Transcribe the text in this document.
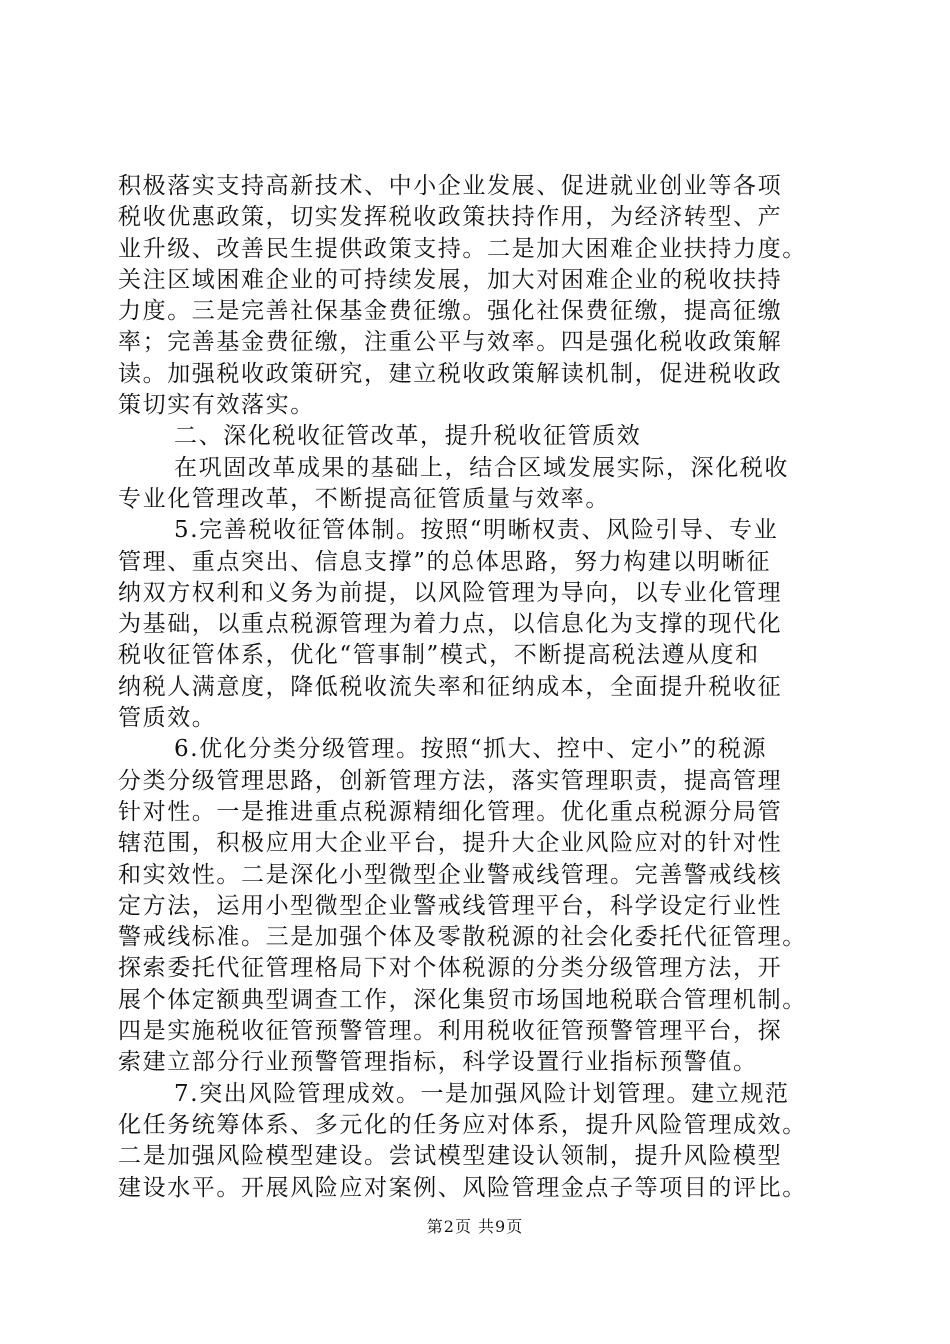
积极落实支持高新技术、中小企业发展、促进就业创业等各项
税收优惠政策，切实发挥税收政策扶持作用，为经济转型、产
业升级、改善民生提供政策支持。二是加大困难企业扶持力度。
关注区域困难企业的可持续发展，加大对困难企业的税收扶持
力度。三是完善社保基金费征缴。强化社保费征缴，提高征缴
率；完善基金费征缴，注重公平与效率。四是强化税收政策解
读。加强税收政策研究，建立税收政策解读机制，促进税收政
策切实有效落实。
二、深化税收征管改革，提升税收征管质效
在巩固改革成果的基础上，结合区域发展实际，深化税收
专业化管理改革，不断提高征管质量与效率。
5.完善税收征管体制。按照“明晰权责、风险引导、专业
管理、重点突出、信息支撑”的总体思路，努力构建以明晰征
纳双方权利和义务为前提，以风险管理为导向，以专业化管理
为基础，以重点税源管理为着力点，以信息化为支撑的现代化
税收征管体系，优化“管事制”模式，不断提高税法遵从度和
纳税人满意度，降低税收流失率和征纳成本，全面提升税收征
管质效。
6.优化分类分级管理。按照“抓大、控中、定小”的税源
分类分级管理思路，创新管理方法，落实管理职责，提高管理
针对性。一是推进重点税源精细化管理。优化重点税源分局管
辖范围，积极应用大企业平台，提升大企业风险应对的针对性
和实效性。二是深化小型微型企业警戒线管理。完善警戒线核
定方法，运用小型微型企业警戒线管理平台，科学设定行业性
警戒线标准。三是加强个体及零散税源的社会化委托代征管理。
探索委托代征管理格局下对个体税源的分类分级管理方法，开
展个体定额典型调查工作，深化集贸市场国地税联合管理机制。
四是实施税收征管预警管理。利用税收征管预警管理平台，探
索建立部分行业预警管理指标，科学设置行业指标预警值。
7.突出风险管理成效。一是加强风险计划管理。建立规范
化任务统筹体系、多元化的任务应对体系，提升风险管理成效。
二是加强风险模型建设。尝试模型建设认领制，提升风险模型
建设水平。开展风险应对案例、风险管理金点子等项目的评比。
第2页 共9页
